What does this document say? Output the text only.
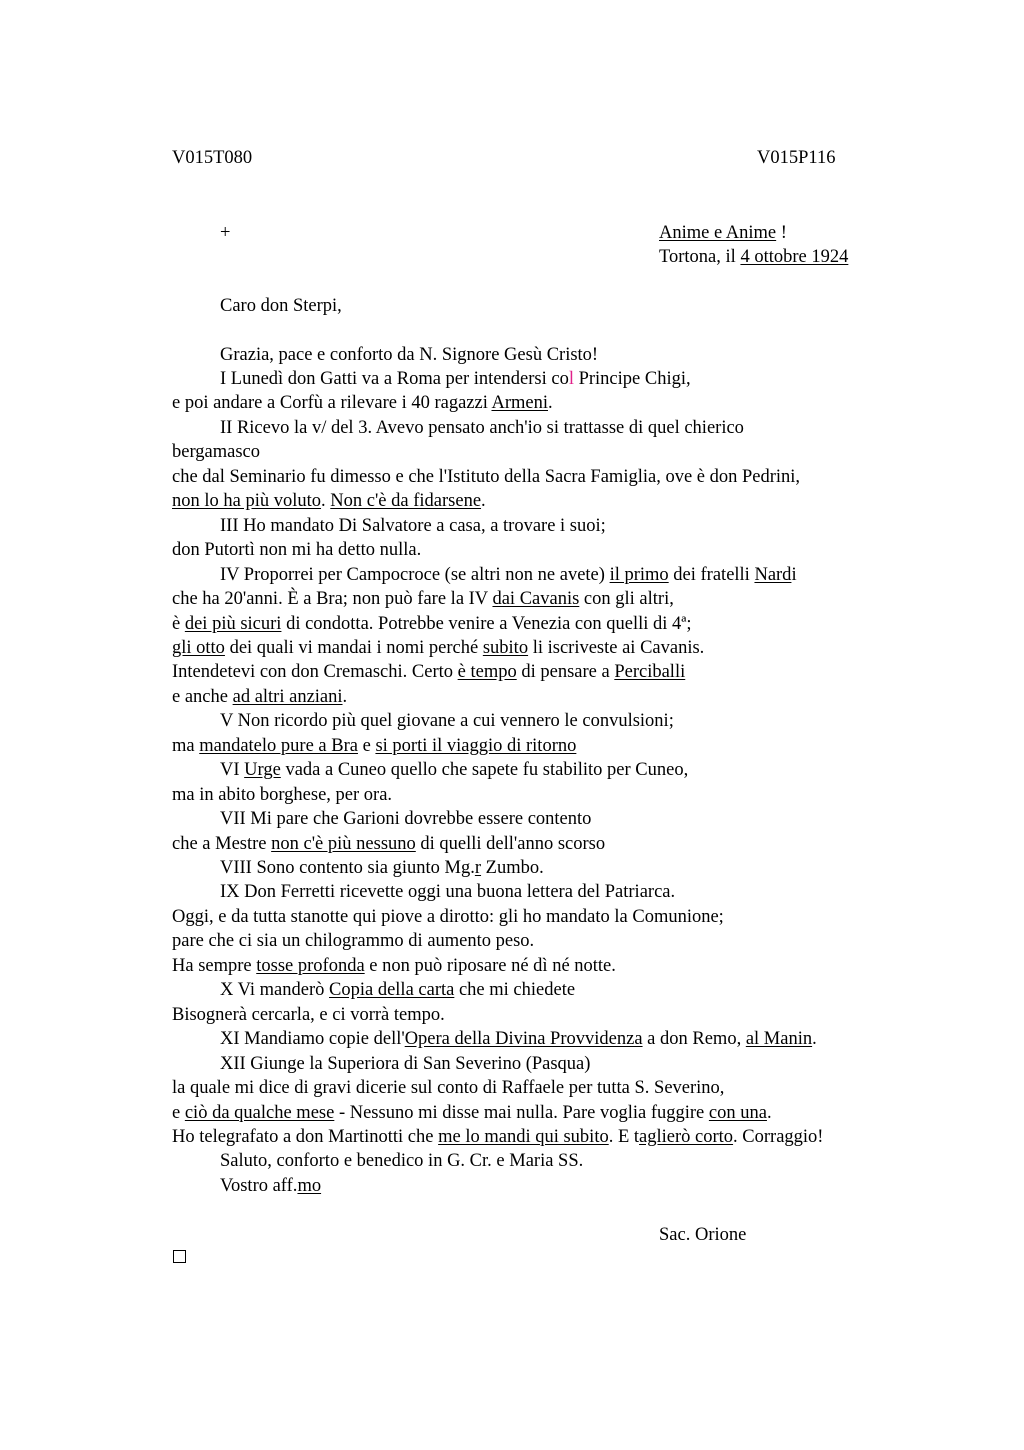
V015T080	V015P116
+	Anime e Anime !
Tortona, il 4 ottobre 1924
Caro don Sterpi,
Grazia, pace e conforto da N. Signore Gesù Cristo!
I Lunedì don Gatti va a Roma per intendersi col Principe Chigi,
e poi andare a Corfù a rilevare i 40 ragazzi Armeni.
II Ricevo la v/ del 3. Avevo pensato anch'io si trattasse di quel chierico
bergamasco
che dal Seminario fu dimesso e che l'Istituto della Sacra Famiglia, ove è don Pedrini,
non lo ha più voluto. Non c'è da fidarsene.
III Ho mandato Di Salvatore a casa, a trovare i suoi;
don Putortì non mi ha detto nulla.
IV Proporrei per Campocroce (se altri non ne avete) il primo dei fratelli Nardi
che ha 20'anni. È a Bra; non può fare la IV dai Cavanis con gli altri,
è dei più sicuri di condotta. Potrebbe venire a Venezia con quelli di 4ª;
gli otto dei quali vi mandai i nomi perché subito li iscriveste ai Cavanis.
Intendetevi con don Cremaschi. Certo è tempo di pensare a Perciballi
e anche ad altri anziani.
V Non ricordo più quel giovane a cui vennero le convulsioni;
ma mandatelo pure a Bra e si porti il viaggio di ritorno
VI Urge vada a Cuneo quello che sapete fu stabilito per Cuneo,
ma in abito borghese, per ora.
VII Mi pare che Garioni dovrebbe essere contento
che a Mestre non c'è più nessuno di quelli dell'anno scorso
VIII Sono contento sia giunto Mg.r Zumbo.
IX Don Ferretti ricevette oggi una buona lettera del Patriarca.
Oggi, e da tutta stanotte qui piove a dirotto: gli ho mandato la Comunione;
pare che ci sia un chilogrammo di aumento peso.
Ha sempre tosse profonda e non può riposare né dì né notte.
X Vi manderò Copia della carta che mi chiedete
Bisognerà cercarla, e ci vorrà tempo.
XI Mandiamo copie dell'Opera della Divina Provvidenza a don Remo, al Manin.
XII Giunge la Superiora di San Severino (Pasqua)
la quale mi dice di gravi dicerie sul conto di Raffaele per tutta S. Severino,
e ciò da qualche mese - Nessuno mi disse mai nulla. Pare voglia fuggire con una.
Ho telegrafato a don Martinotti che me lo mandi qui subito. E taglierò corto. Corraggio!
Saluto, conforto e benedico in G. Cr. e Maria SS.
Vostro aff.mo
Sac. Orione
